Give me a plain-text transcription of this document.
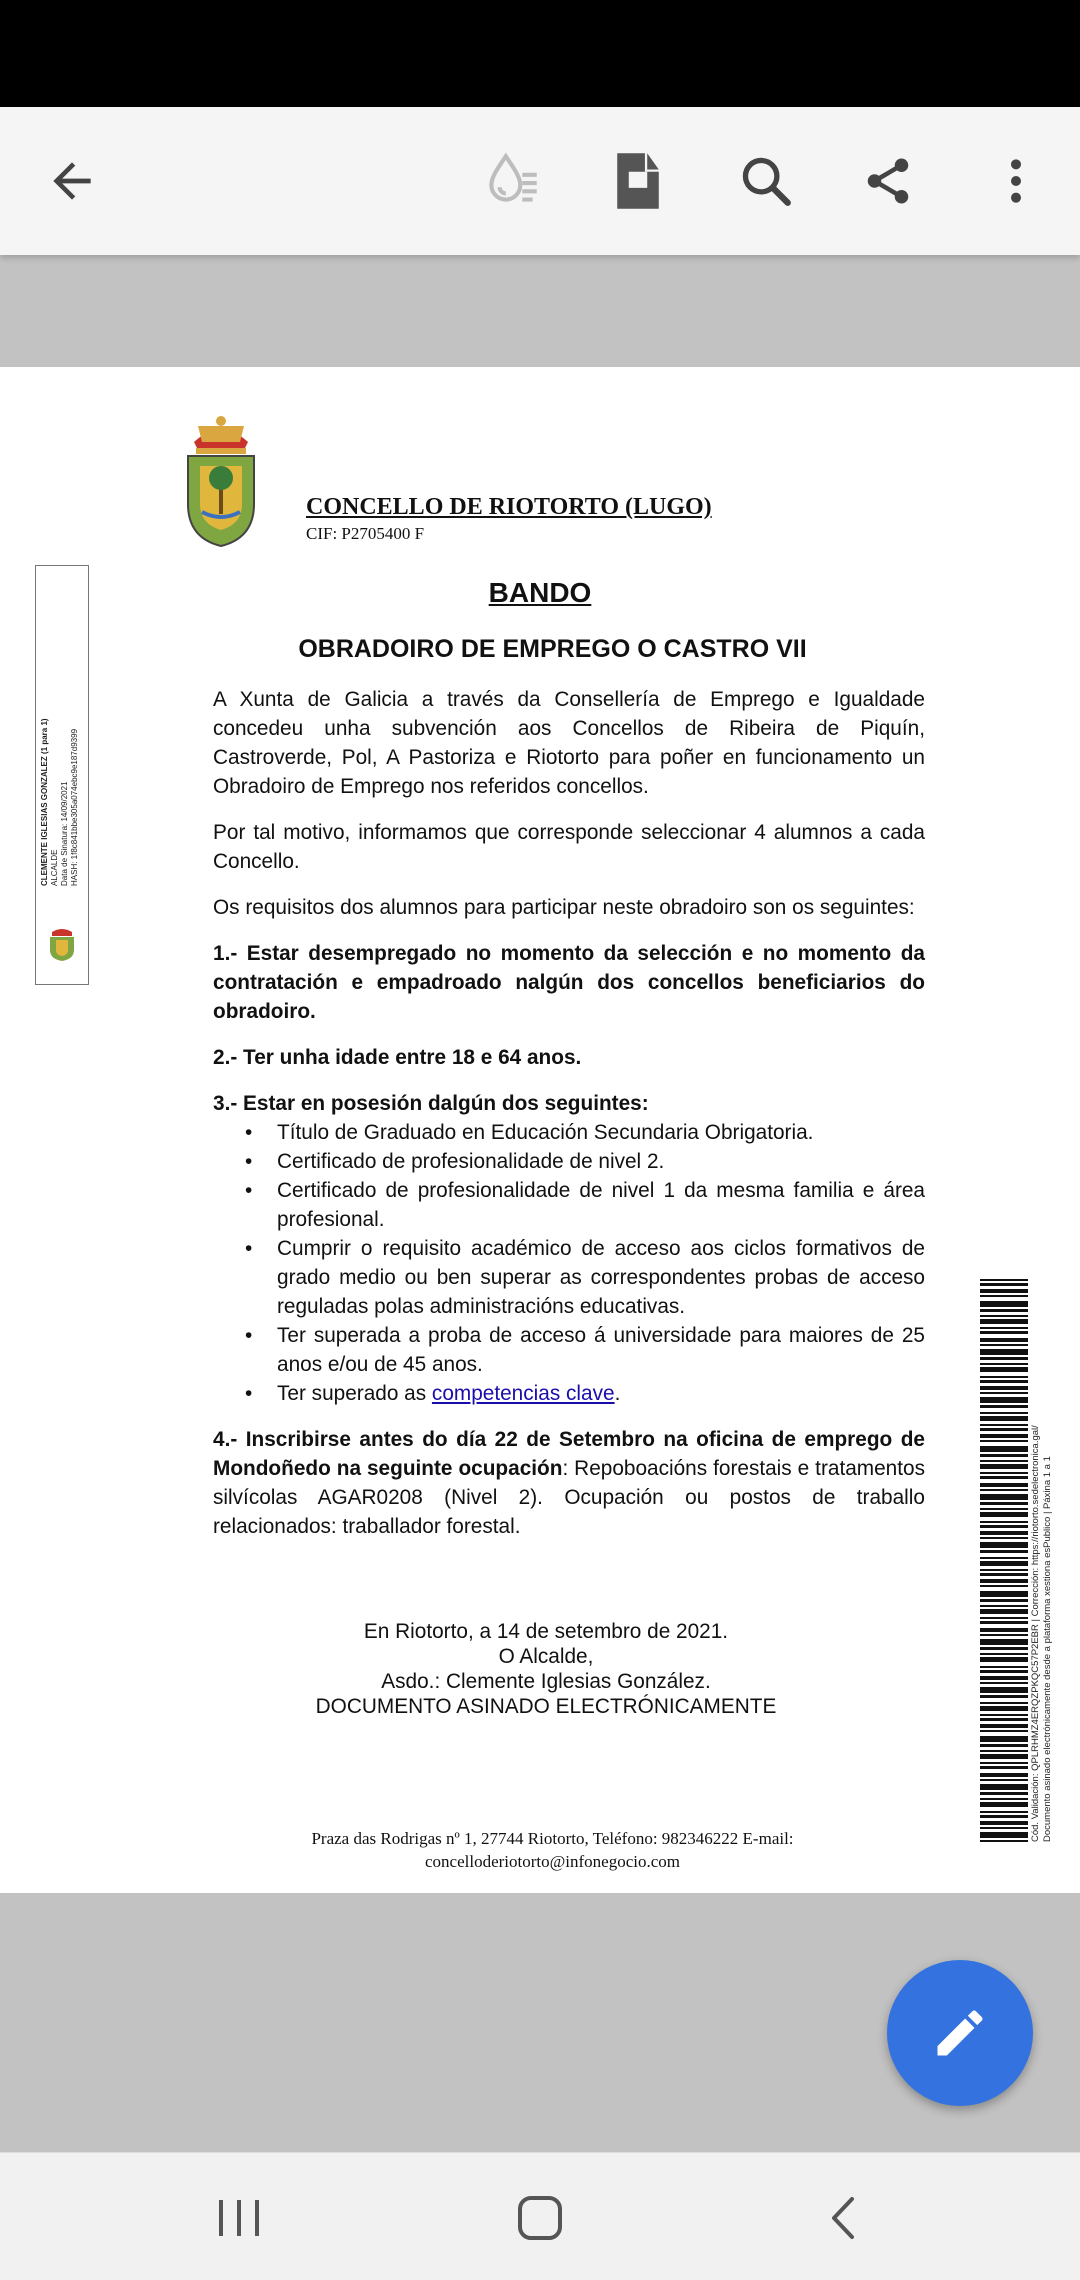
CONCELLO DE RIOTORTO (LUGO)
CIF: P2705400 F
CLEMENTE IGLESIAS GONZALEZ (1 para 1) ALCALDE Data de Sinatura: 14/09/2021 HASH: 1f8c841bbe305a074ebc9e187d9399
BANDO
OBRADOIRO DE EMPREGO O CASTRO VII

A Xunta de Galicia a través da Consellería de Emprego e Igualdade concedeu unha subvención aos Concellos de Ribeira de Piquín, Castroverde, Pol, A Pastoriza e Riotorto para poñer en funcionamento un Obradoiro de Emprego nos referidos concellos.

Por tal motivo, informamos que corresponde seleccionar 4 alumnos a cada Concello.

Os requisitos dos alumnos para participar neste obradoiro son os seguintes:

1.- Estar desempregado no momento da selección e no momento da contratación e empadroado nalgún dos concellos beneficiarios do obradoiro.

2.- Ter unha idade entre 18 e 64 anos.

3.- Estar en posesión dalgún dos seguintes:

• Título de Graduado en Educación Secundaria Obrigatoria.
• Certificado de profesionalidade de nivel 2.
• Certificado de profesionalidade de nivel 1 da mesma familia e área profesional.
• Cumprir o requisito académico de acceso aos ciclos formativos de grado medio ou ben superar as correspondentes probas de acceso reguladas polas administracións educativas.
• Ter superada a proba de acceso á universidade para maiores de 25 anos e/ou de 45 anos.
• Ter superado as competencias clave.

4.- Inscribirse antes do día 22 de Setembro na oficina de emprego de Mondoñedo na seguinte ocupación: Repoboacións forestais e tratamentos silvícolas AGAR0208 (Nivel 2). Ocupación ou postos de traballo relacionados: traballador forestal.

En Riotorto, a 14 de setembro de 2021.
O Alcalde,
Asdo.: Clemente Iglesias González.
DOCUMENTO ASINADO ELECTRÓNICAMENTE
Praza das Rodrigas nº 1, 27744 Riotorto, Teléfono: 982346222 E-mail:
concelloderiotorto@infonegocio.com
Cód. Validación: QPLRHMZ4ERQZPKQC57P2EBR | Corrección: https://riotorto.sedelectronica.gal/ Documento asinado electrónicamente desde a plataforma xestiona esPublico | Páxina 1 a 1
